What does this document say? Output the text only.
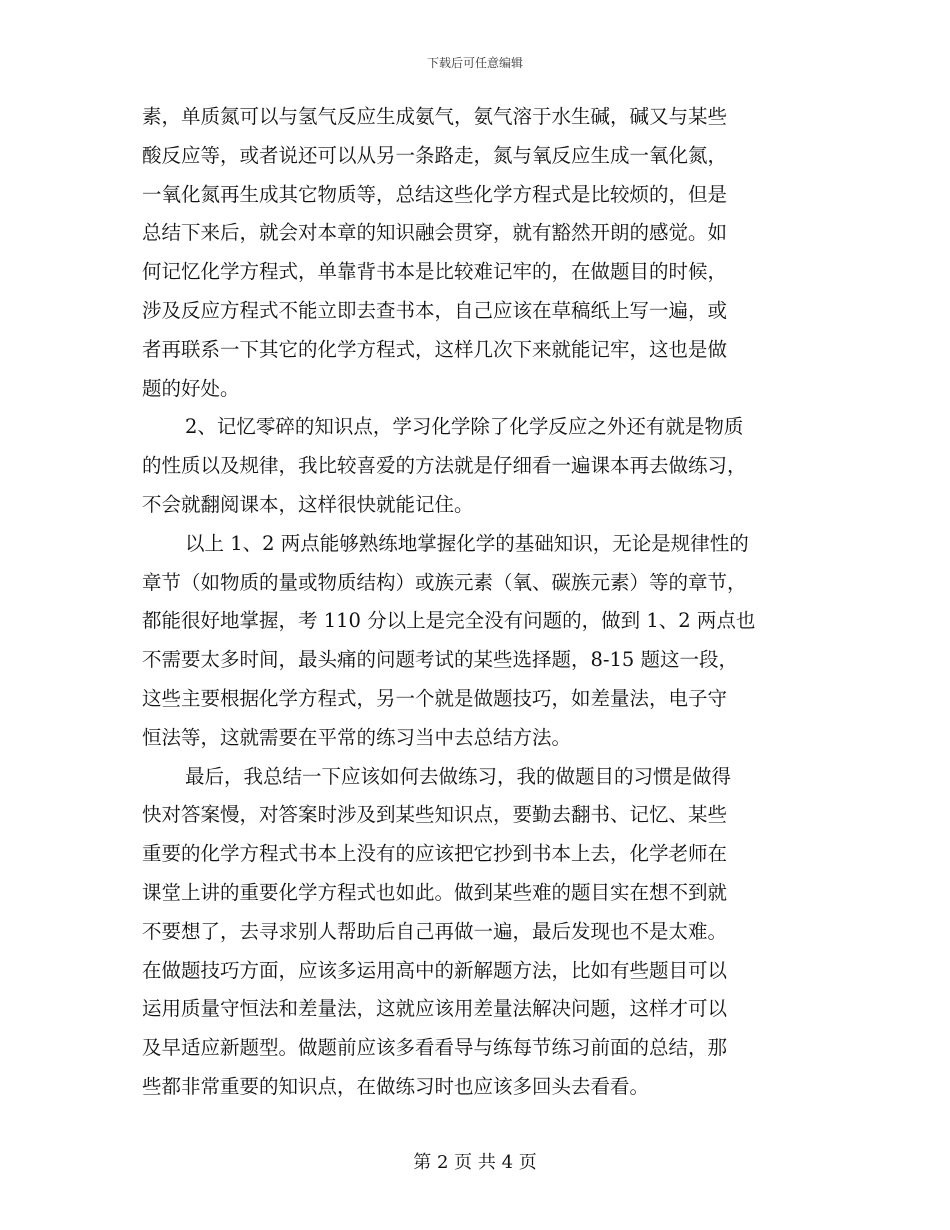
下载后可任意编辑
素，单质氮可以与氢气反应生成氨气，氨气溶于水生碱，碱又与某些
酸反应等，或者说还可以从另一条路走，氮与氧反应生成一氧化氮，
一氧化氮再生成其它物质等，总结这些化学方程式是比较烦的，但是
总结下来后，就会对本章的知识融会贯穿，就有豁然开朗的感觉。如
何记忆化学方程式，单靠背书本是比较难记牢的，在做题目的时候，
涉及反应方程式不能立即去查书本，自己应该在草稿纸上写一遍，或
者再联系一下其它的化学方程式，这样几次下来就能记牢，这也是做
题的好处。
2、记忆零碎的知识点，学习化学除了化学反应之外还有就是物质
的性质以及规律，我比较喜爱的方法就是仔细看一遍课本再去做练习，
不会就翻阅课本，这样很快就能记住。
以上 1、2 两点能够熟练地掌握化学的基础知识，无论是规律性的
章节（如物质的量或物质结构）或族元素（氧、碳族元素）等的章节，
都能很好地掌握，考 110 分以上是完全没有问题的，做到 1、2 两点也
不需要太多时间，最头痛的问题考试的某些选择题，8-15 题这一段，
这些主要根据化学方程式，另一个就是做题技巧，如差量法，电子守
恒法等，这就需要在平常的练习当中去总结方法。
最后，我总结一下应该如何去做练习，我的做题目的习惯是做得
快对答案慢，对答案时涉及到某些知识点，要勤去翻书、记忆、某些
重要的化学方程式书本上没有的应该把它抄到书本上去，化学老师在
课堂上讲的重要化学方程式也如此。做到某些难的题目实在想不到就
不要想了，去寻求别人帮助后自己再做一遍，最后发现也不是太难。
在做题技巧方面，应该多运用高中的新解题方法，比如有些题目可以
运用质量守恒法和差量法，这就应该用差量法解决问题，这样才可以
及早适应新题型。做题前应该多看看导与练每节练习前面的总结，那
些都非常重要的知识点，在做练习时也应该多回头去看看。
第 2 页 共 4 页
